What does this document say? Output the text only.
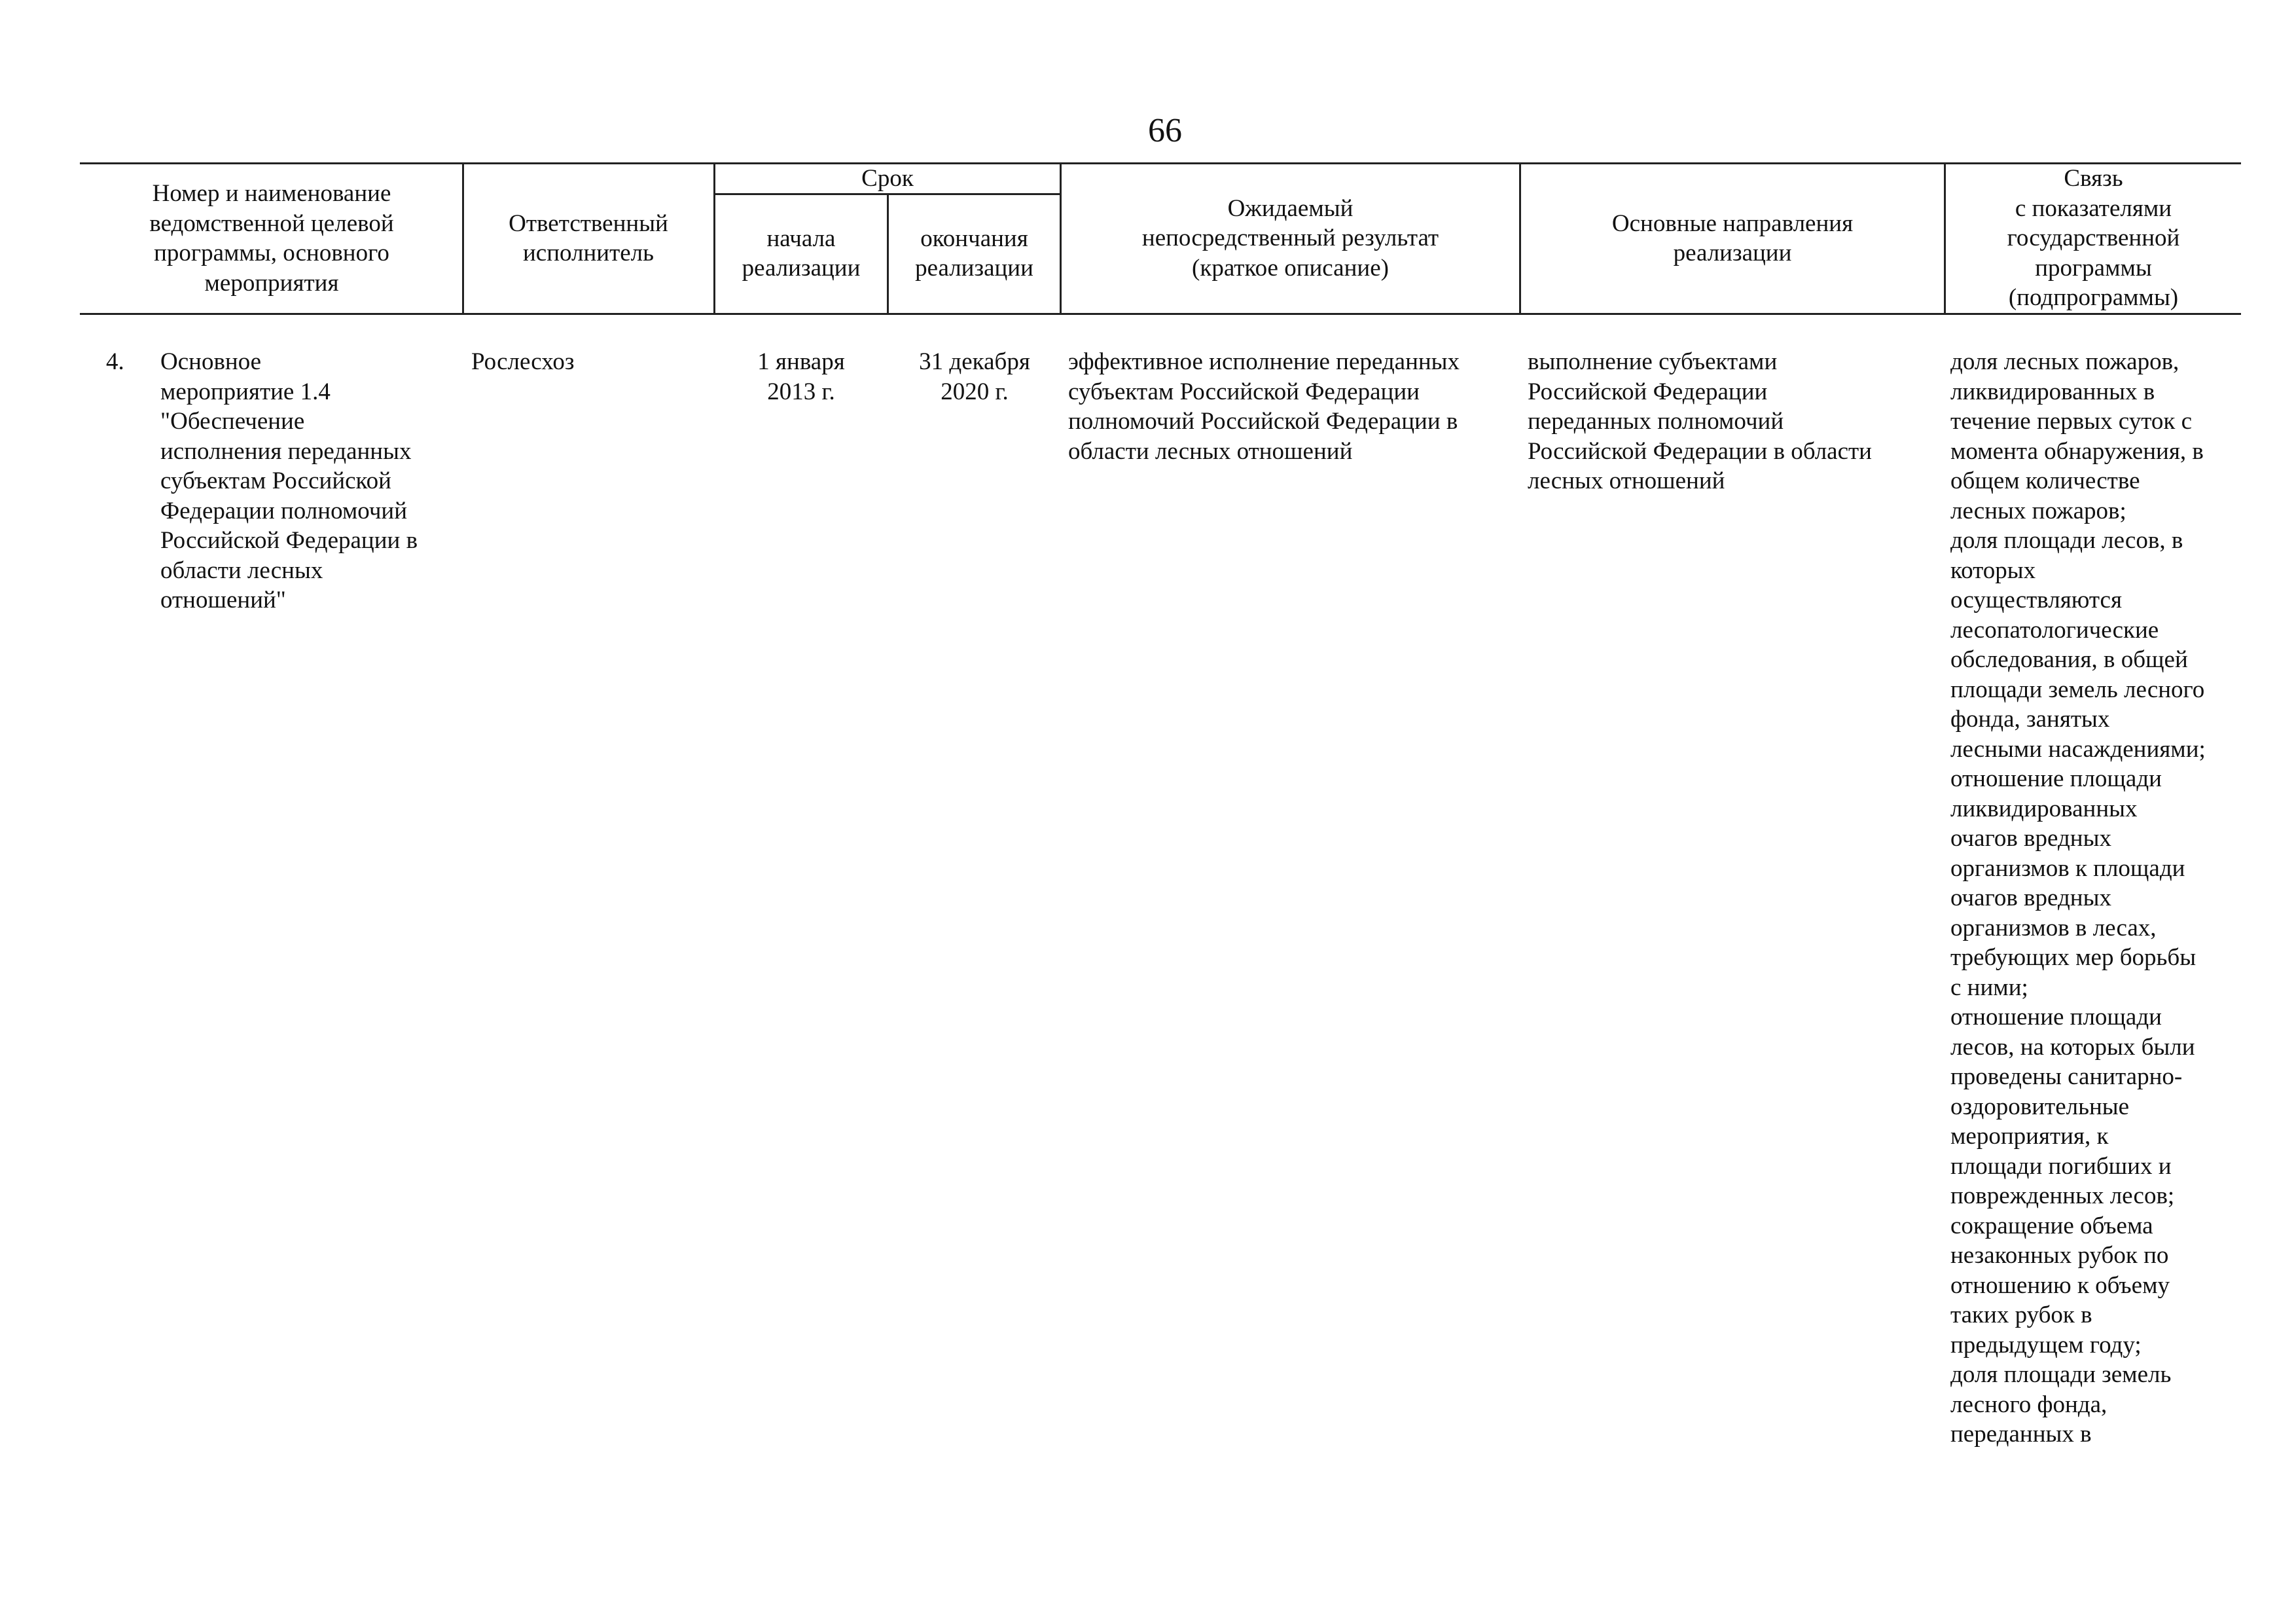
66
Номер и наименование
ведомственной целевой
программы, основного
мероприятия
Ответственный
исполнитель
Срок
начала
реализации
окончания
реализации
Ожидаемый
непосредственный результат
(краткое описание)
Основные направления
реализации
Связь
с показателями
государственной
программы
(подпрограммы)
4. Основное
мероприятие 1.4
"Обеспечение
исполнения переданных
субъектам Российской
Федерации полномочий
Российской Федерации в
области лесных
отношений"
Рослесхоз	1 января
2013 г.
31 декабря
2020 г.
эффективное исполнение переданных
субъектам Российской Федерации
полномочий Российской Федерации в
области лесных отношений
выполнение субъектами
Российской Федерации
переданных полномочий
Российской Федерации в области
лесных отношений
доля лесных пожаров,
ликвидированных в
течение первых суток с
момента обнаружения, в
общем количестве
лесных пожаров;
доля площади лесов, в
которых
осуществляются
лесопатологические
обследования, в общей
площади земель лесного
фонда, занятых
лесными насаждениями;
отношение площади
ликвидированных
очагов вредных
организмов к площади
очагов вредных
организмов в лесах,
требующих мер борьбы
с ними;
отношение площади
лесов, на которых были
проведены санитарно-
оздоровительные
мероприятия, к
площади погибших и
поврежденных лесов;
сокращение объема
незаконных рубок по
отношению к объему
таких рубок в
предыдущем году;
доля площади земель
лесного фонда,
переданных в
